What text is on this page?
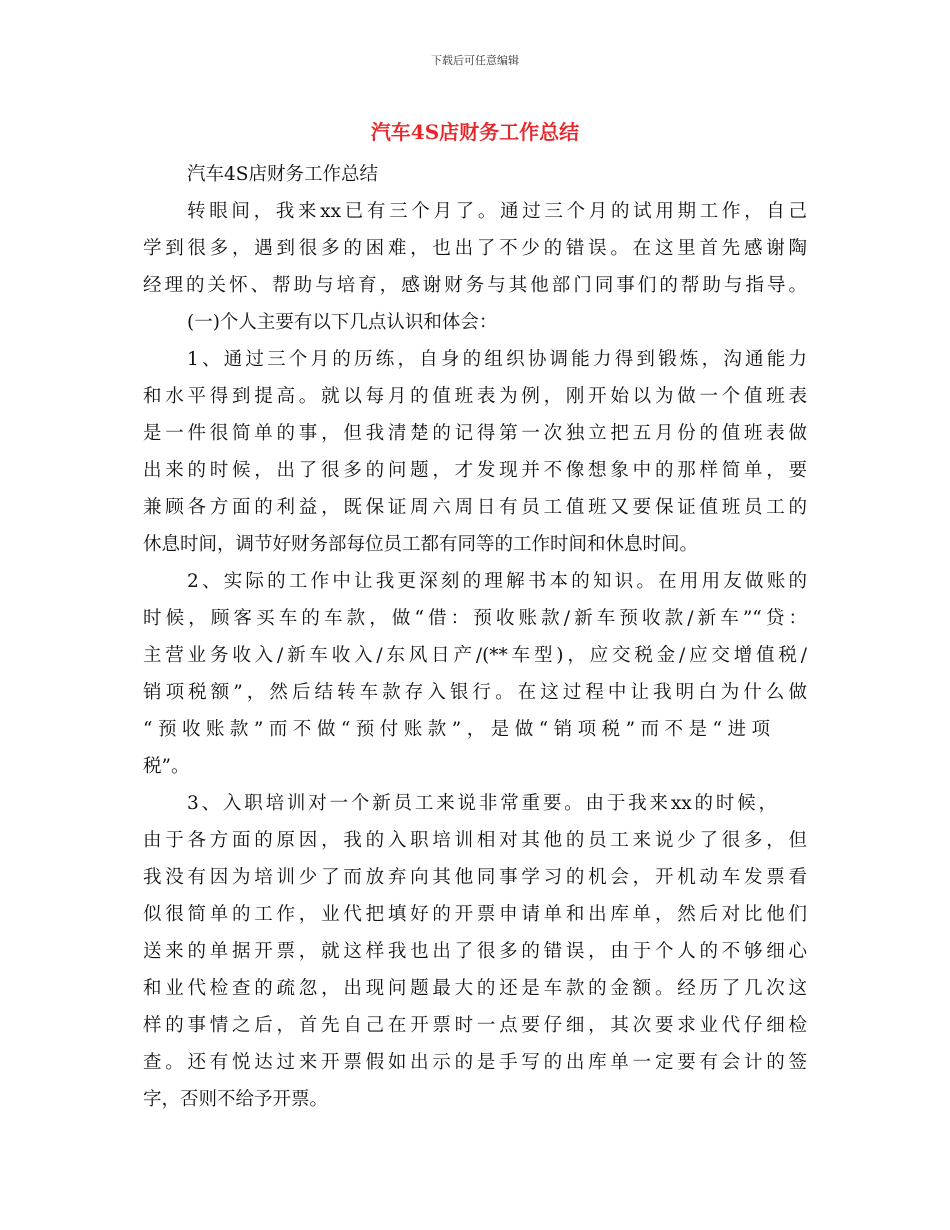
下载后可任意编辑
汽车4S店财务工作总结
汽车4S店财务工作总结
转眼间，我来xx已有三个月了。通过三个月的试用期工作，自己
学到很多，遇到很多的困难，也出了不少的错误。在这里首先感谢陶
经理的关怀、帮助与培育，感谢财务与其他部门同事们的帮助与指导。
(一)个人主要有以下几点认识和体会：
1、通过三个月的历练，自身的组织协调能力得到锻炼，沟通能力
和水平得到提高。就以每月的值班表为例，刚开始以为做一个值班表
是一件很简单的事，但我清楚的记得第一次独立把五月份的值班表做
出来的时候，出了很多的问题，才发现并不像想象中的那样简单，要
兼顾各方面的利益，既保证周六周日有员工值班又要保证值班员工的
休息时间，调节好财务部每位员工都有同等的工作时间和休息时间。
2、实际的工作中让我更深刻的理解书本的知识。在用用友做账的
时候，顾客买车的车款，做“借：预收账款/新车预收款/新车”“贷：
主营业务收入/新车收入/东风日产/(**车型)，应交税金/应交增值税/
销项税额”，然后结转车款存入银行。在这过程中让我明白为什么做
“预收账款”而不做“预付账款”，是做“销项税”而不是“进项
税”。
3、入职培训对一个新员工来说非常重要。由于我来xx的时候，
由于各方面的原因，我的入职培训相对其他的员工来说少了很多，但
我没有因为培训少了而放弃向其他同事学习的机会，开机动车发票看
似很简单的工作，业代把填好的开票申请单和出库单，然后对比他们
送来的单据开票，就这样我也出了很多的错误，由于个人的不够细心
和业代检查的疏忽，出现问题最大的还是车款的金额。经历了几次这
样的事情之后，首先自己在开票时一点要仔细，其次要求业代仔细检
查。还有悦达过来开票假如出示的是手写的出库单一定要有会计的签
字，否则不给予开票。
